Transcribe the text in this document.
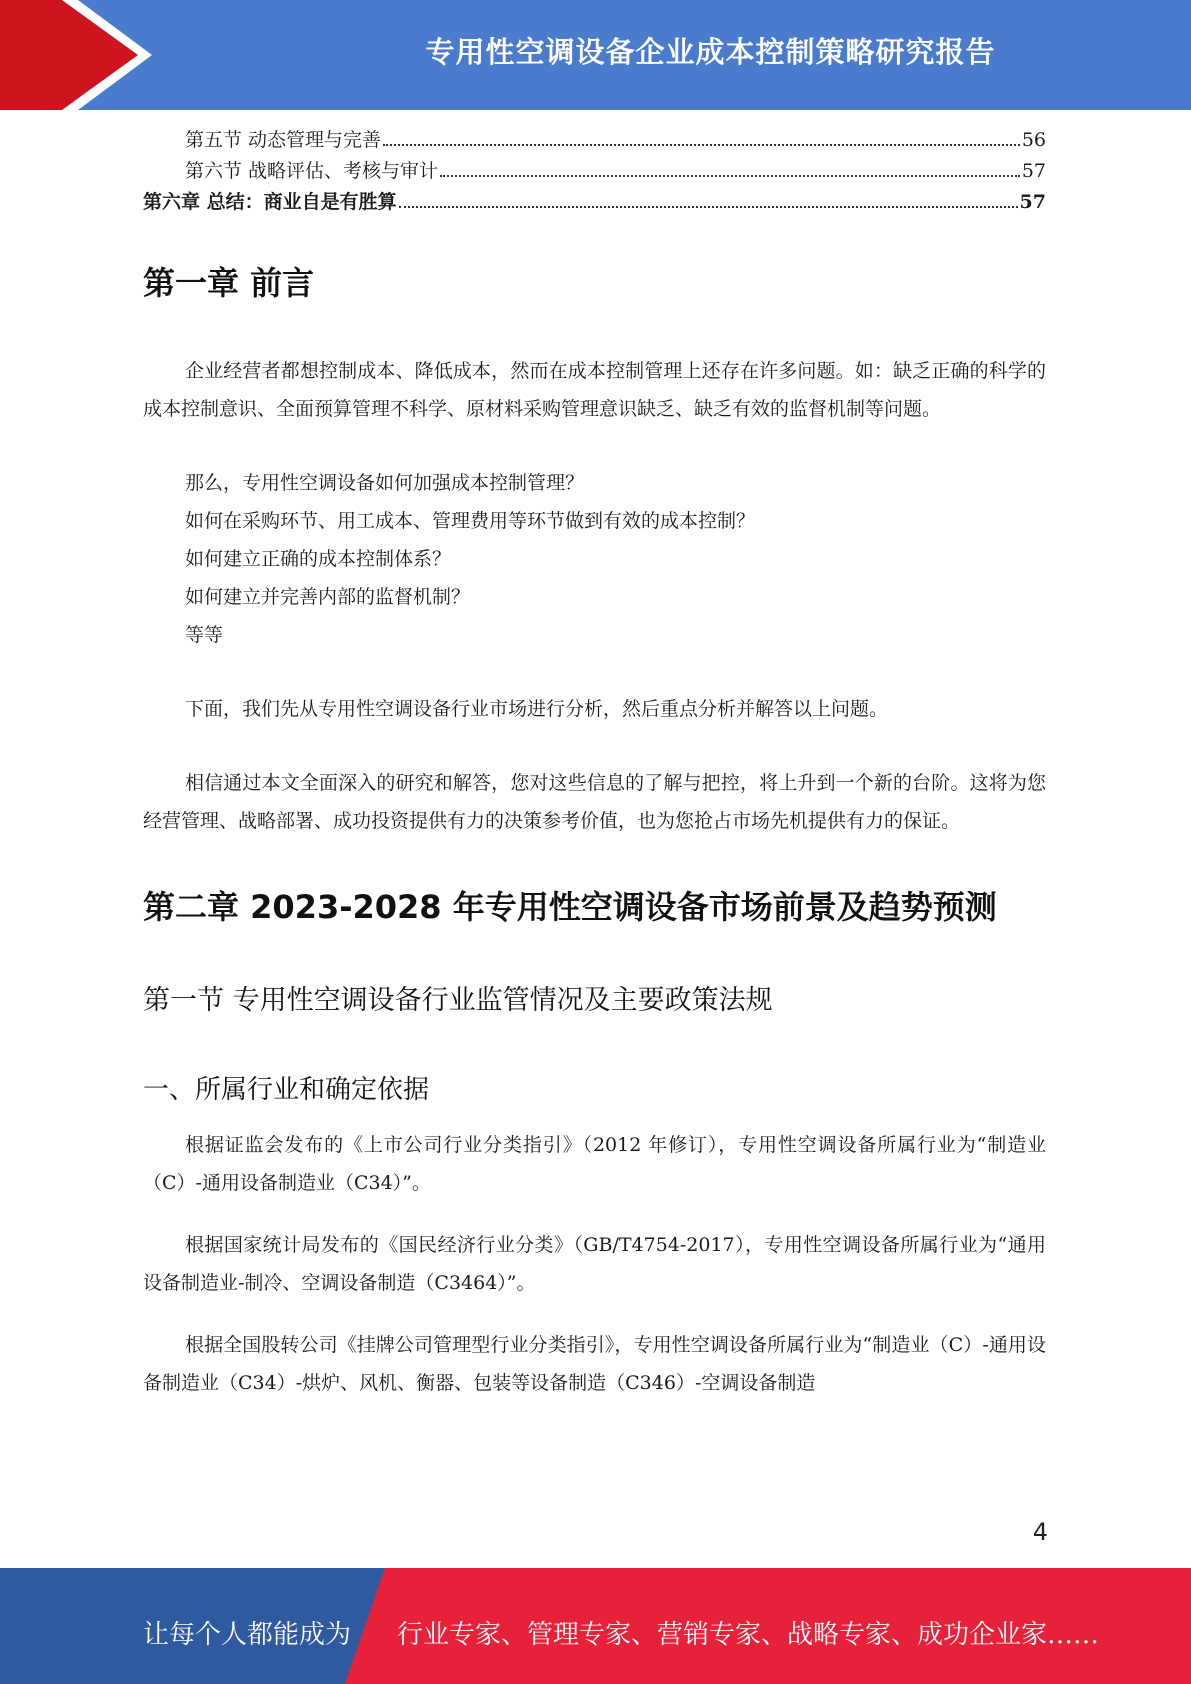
专用性空调设备企业成本控制策略研究报告
第五节 动态管理与完善	56
第六节 战略评估、考核与审计	57
第六章 总结：商业自是有胜算	57
第一章 前言

企业经营者都想控制成本、降低成本，然而在成本控制管理上还存在许多问题。如：缺乏正确的科学的成本控制意识、全面预算管理不科学、原材料采购管理意识缺乏、缺乏有效的监督机制等问题。

那么，专用性空调设备如何加强成本控制管理？

如何在采购环节、用工成本、管理费用等环节做到有效的成本控制？

如何建立正确的成本控制体系？

如何建立并完善内部的监督机制？

等等

下面，我们先从专用性空调设备行业市场进行分析，然后重点分析并解答以上问题。

相信通过本文全面深入的研究和解答，您对这些信息的了解与把控，将上升到一个新的台阶。这将为您经营管理、战略部署、成功投资提供有力的决策参考价值，也为您抢占市场先机提供有力的保证。

第二章 2023-2028 年专用性空调设备市场前景及趋势预测
第一节 专用性空调设备行业监管情况及主要政策法规
一、所属行业和确定依据

根据证监会发布的《上市公司行业分类指引》（2012 年修订），专用性空调设备所属行业为“制造业（C）-通用设备制造业（C34）”。

根据国家统计局发布的《国民经济行业分类》（GB/T4754-2017），专用性空调设备所属行业为“通用设备制造业-制冷、空调设备制造（C3464）”。

根据全国股转公司《挂牌公司管理型行业分类指引》，专用性空调设备所属行业为“制造业（C）-通用设备制造业（C34）-烘炉、风机、衡器、包装等设备制造（C346）-空调设备制造

4
让每个人都能成为 行业专家、管理专家、营销专家、战略专家、成功企业家……
